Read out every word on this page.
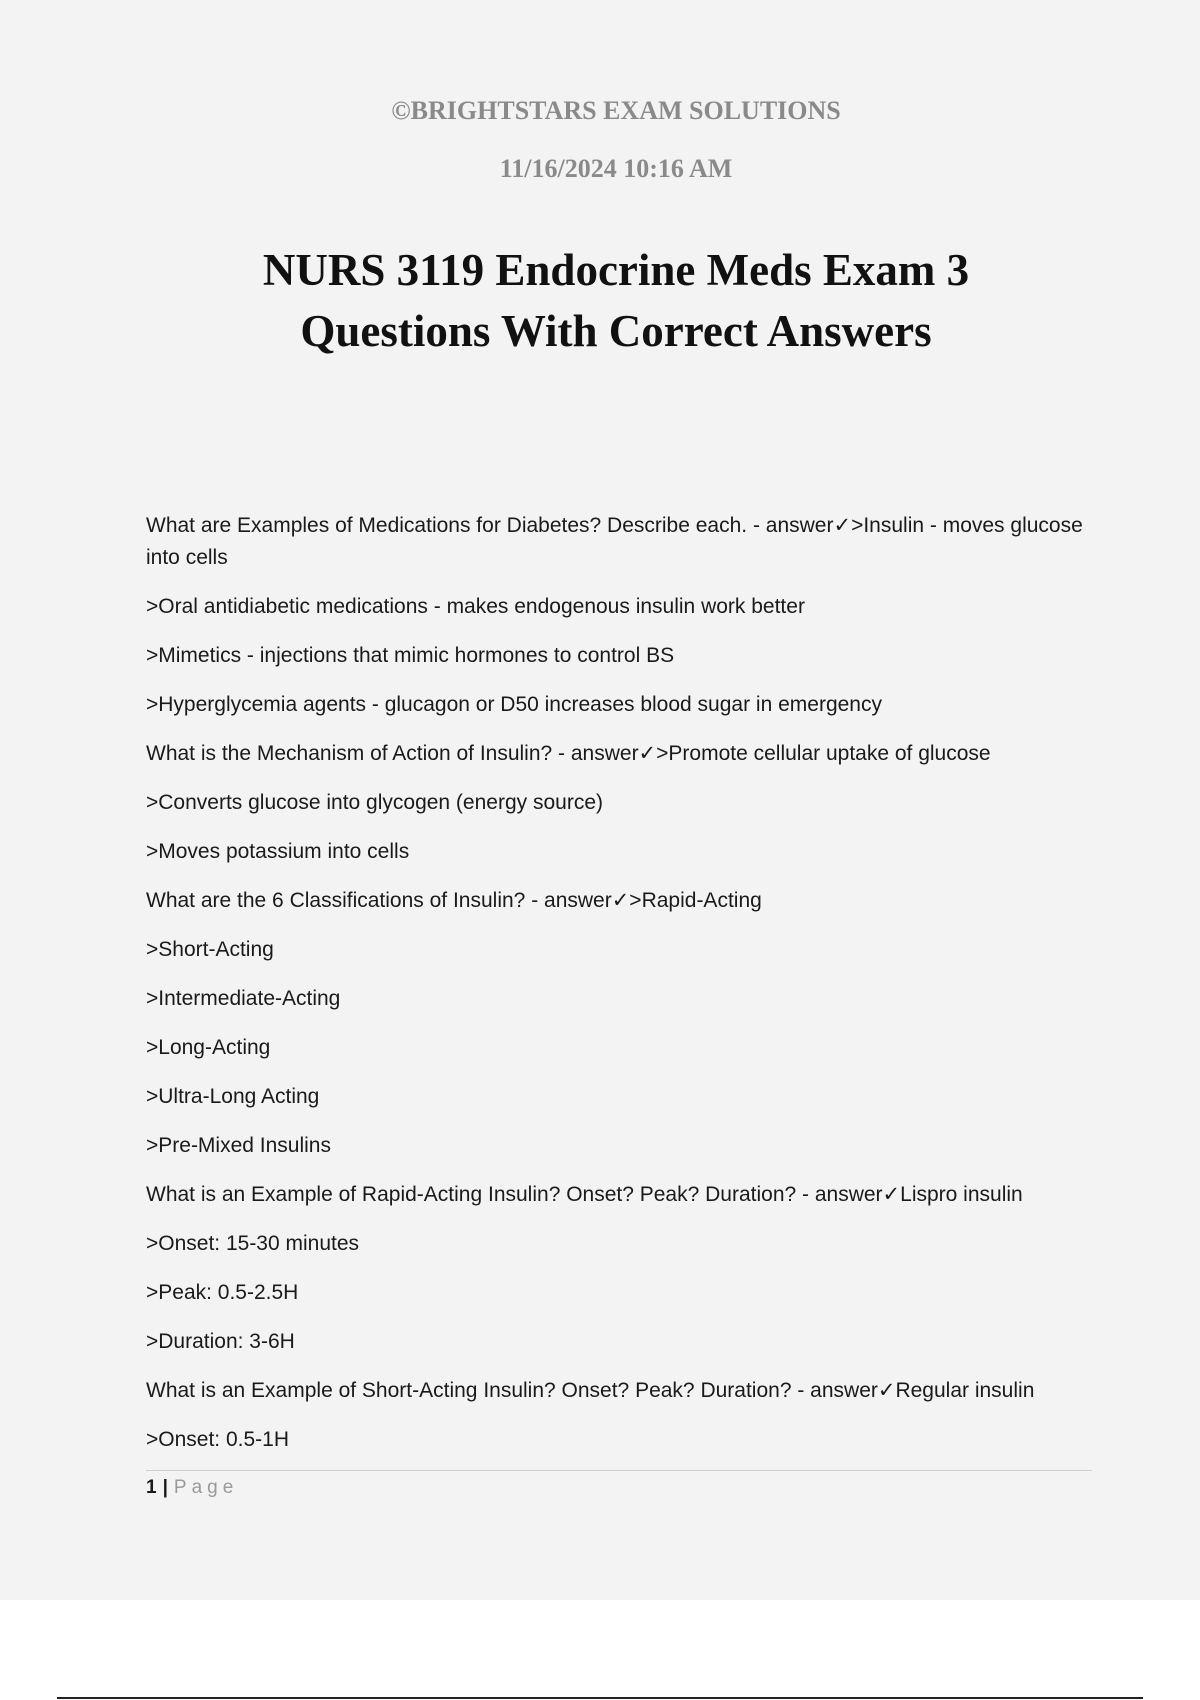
©BRIGHTSTARS EXAM SOLUTIONS
11/16/2024 10:16 AM
NURS 3119 Endocrine Meds Exam 3
Questions With Correct Answers

What are Examples of Medications for Diabetes? Describe each. - answer✓>Insulin - moves glucose into cells

>Oral antidiabetic medications - makes endogenous insulin work better

>Mimetics - injections that mimic hormones to control BS

>Hyperglycemia agents - glucagon or D50 increases blood sugar in emergency

What is the Mechanism of Action of Insulin? - answer✓>Promote cellular uptake of glucose

>Converts glucose into glycogen (energy source)

>Moves potassium into cells

What are the 6 Classifications of Insulin? - answer✓>Rapid-Acting

>Short-Acting

>Intermediate-Acting

>Long-Acting

>Ultra-Long Acting

>Pre-Mixed Insulins

What is an Example of Rapid-Acting Insulin? Onset? Peak? Duration? - answer✓Lispro insulin

>Onset: 15-30 minutes

>Peak: 0.5-2.5H

>Duration: 3-6H

What is an Example of Short-Acting Insulin? Onset? Peak? Duration? - answer✓Regular insulin

>Onset: 0.5-1H

1 | Page
